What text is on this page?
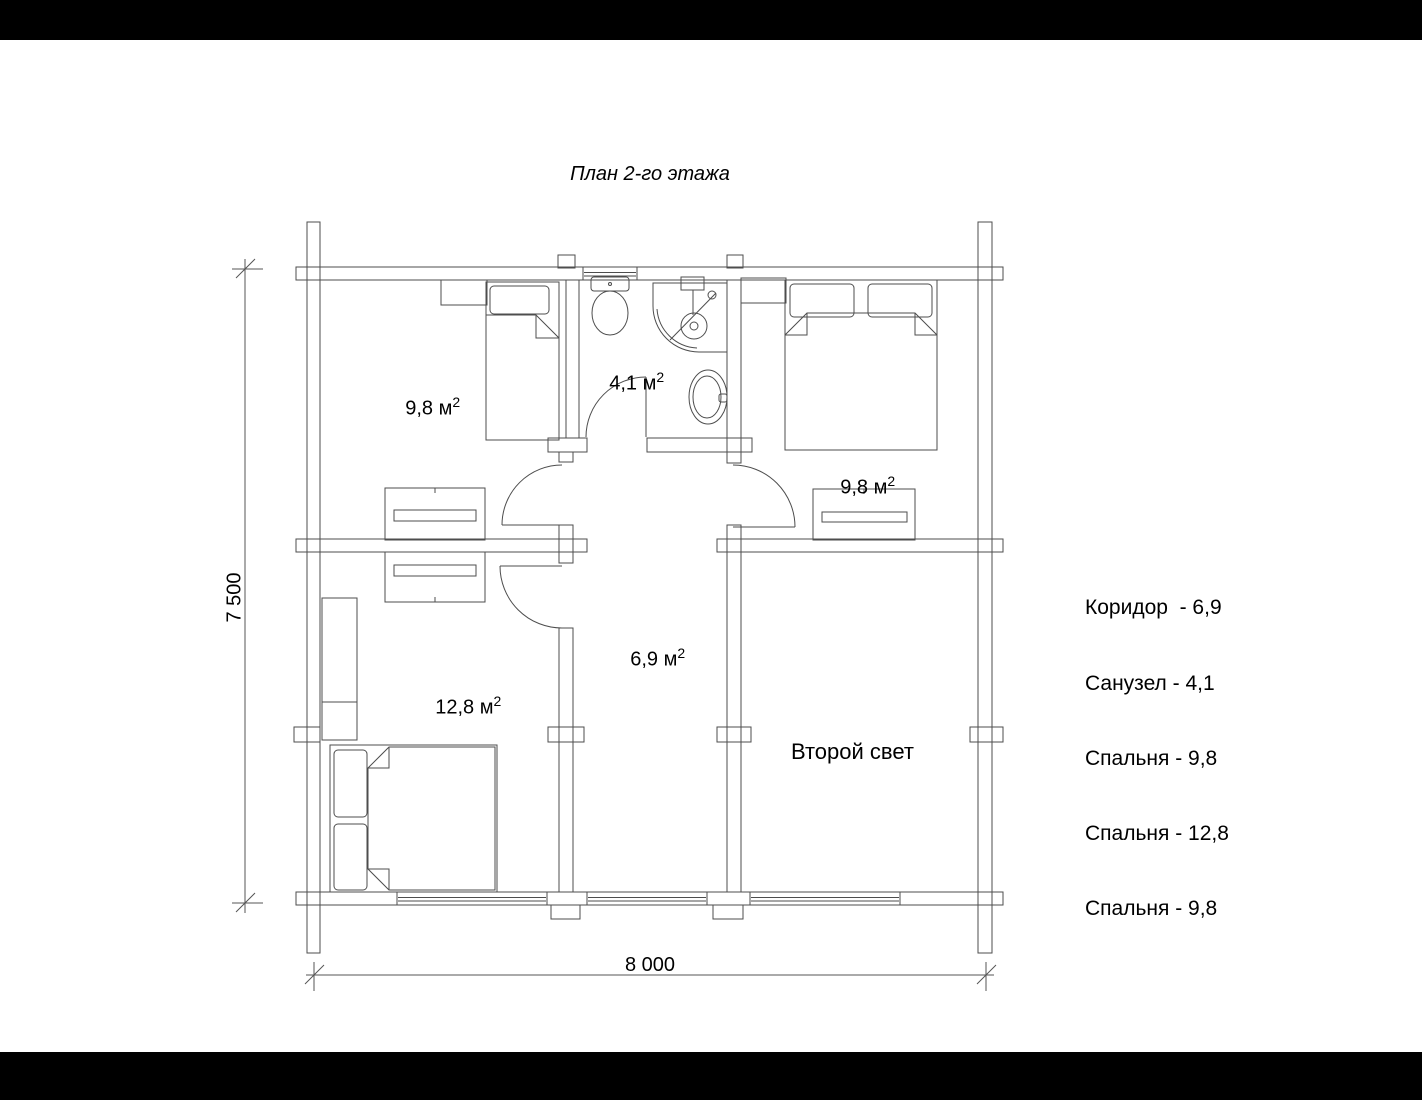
План 2-го этажа

9,8 $м^2$

4,1 $м^2$

9,8 $м^2$

12,8 $м^2$

6,9 $м^2$

Второй свет

Коридор  - 6,9

Санузел - 4,1

Спальня - 9,8

Спальня - 12,8

Спальня - 9,8

7 500
8 000
